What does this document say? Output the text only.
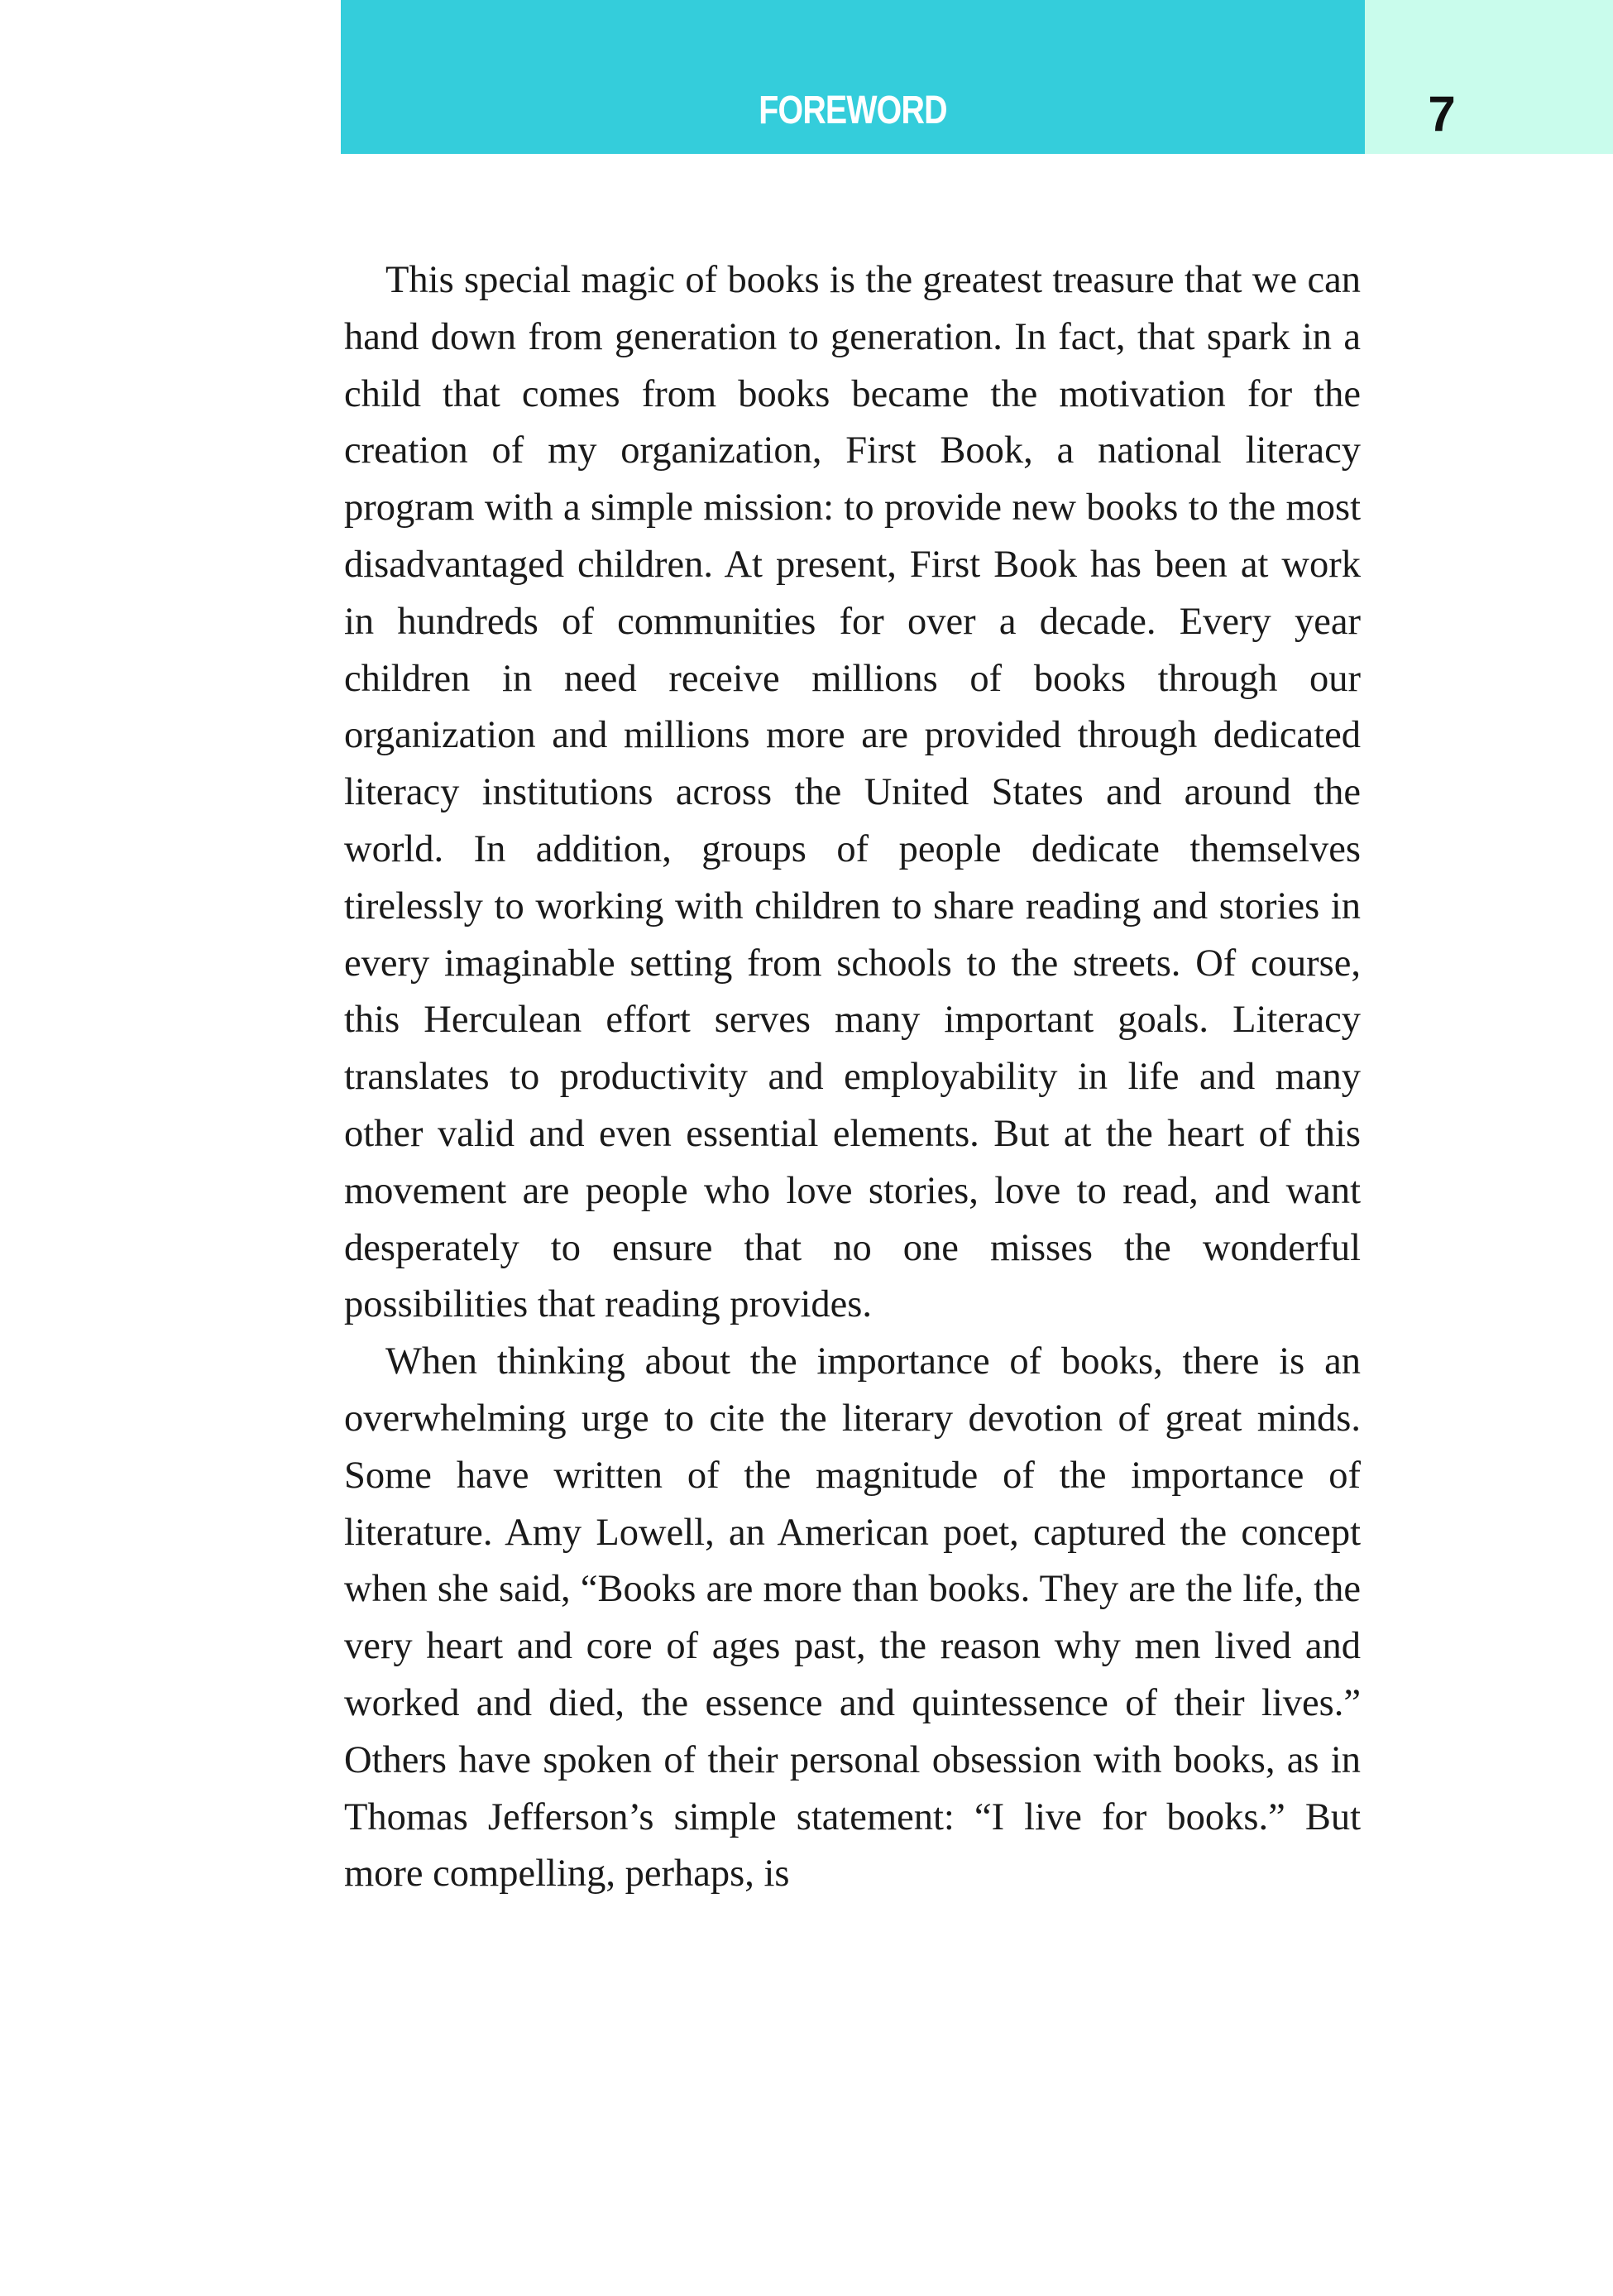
FOREWORD	7

This special magic of books is the greatest treasure that we can hand down from generation to generation. In fact, that spark in a child that comes from books became the motivation for the creation of my organization, First Book, a national literacy program with a simple mission: to provide new books to the most disadvantaged children. At present, First Book has been at work in hundreds of communities for over a decade. Every year children in need receive millions of books through our organization and millions more are provided through dedicated literacy institutions across the United States and around the world. In addition, groups of people dedicate themselves tirelessly to working with children to share reading and stories in every imaginable setting from schools to the streets. Of course, this Herculean effort serves many important goals. Literacy translates to productivity and employability in life and many other valid and even essential elements. But at the heart of this movement are people who love stories, love to read, and want desperately to ensure that no one misses the wonderful possibilities that reading provides.

When thinking about the importance of books, there is an overwhelming urge to cite the literary devotion of great minds. Some have written of the magnitude of the importance of literature. Amy Lowell, an American poet, captured the concept when she said, “Books are more than books. They are the life, the very heart and core of ages past, the reason why men lived and worked and died, the essence and quintessence of their lives.” Others have spoken of their personal obsession with books, as in Thomas Jefferson’s simple statement: “I live for books.” But more compelling, perhaps, is
